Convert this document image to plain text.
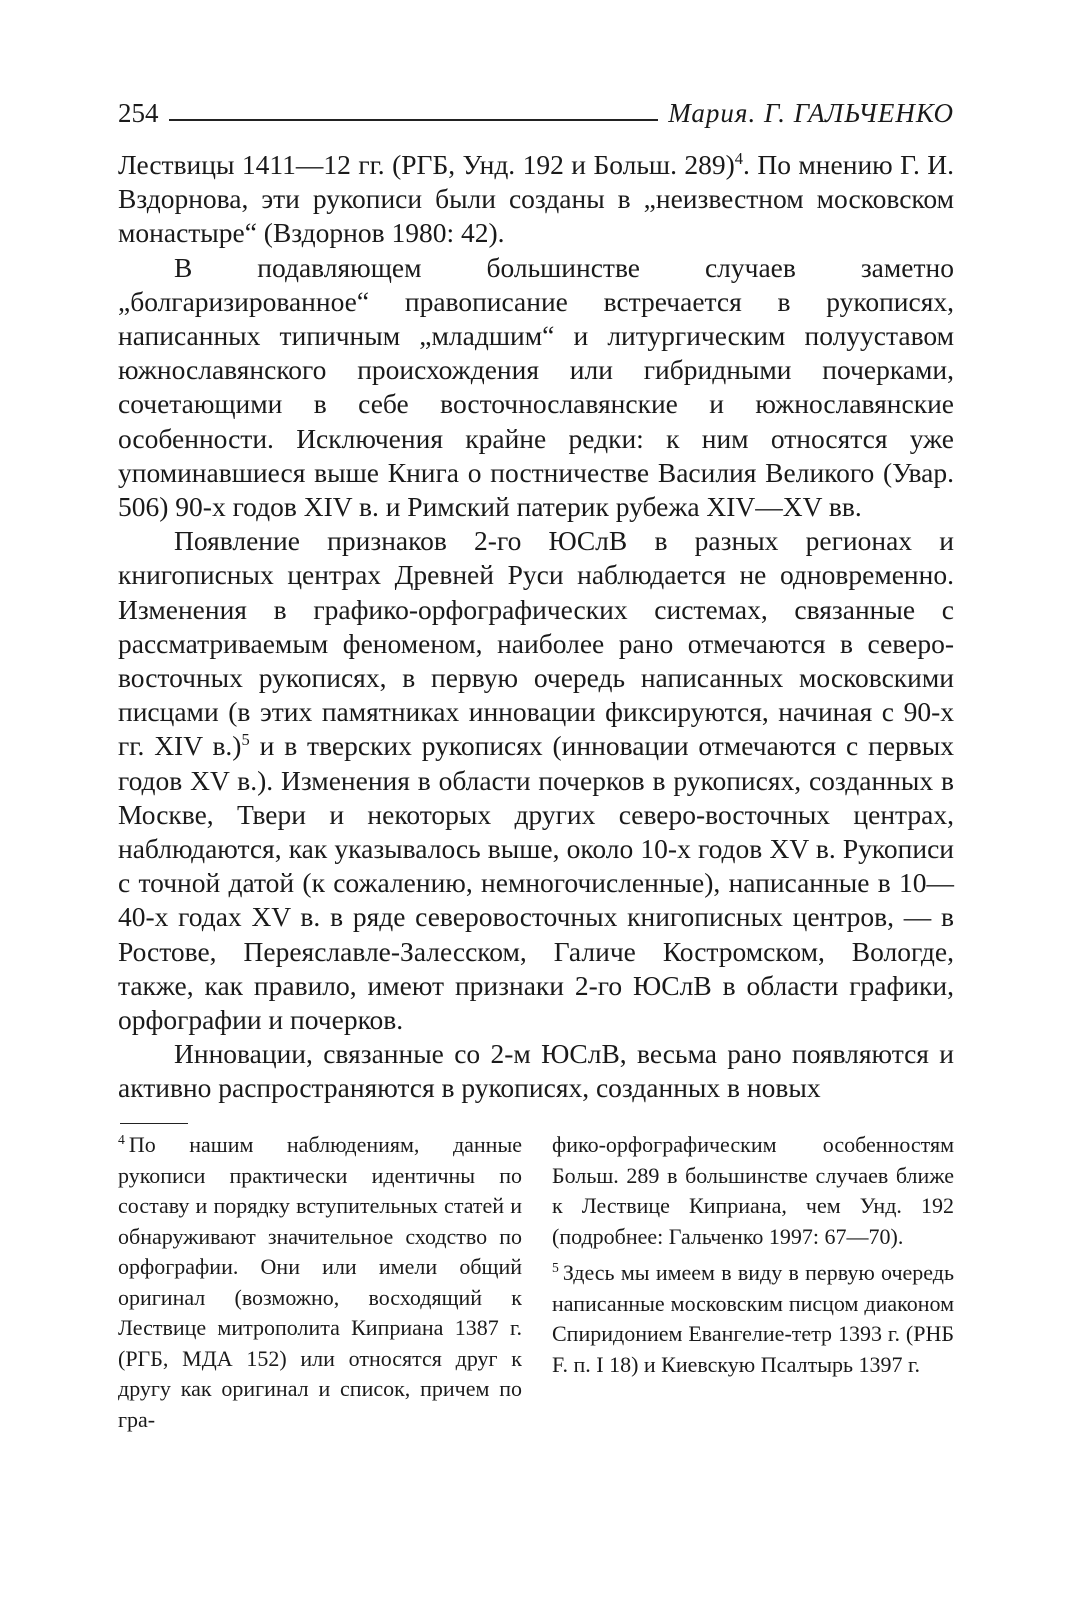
254	Мария. Г. ГАЛЬЧЕНКО

Лествицы 1411—12 гг. (РГБ, Унд. 192 и Больш. 289)$^4$. По мнению Г. И. Вздорнова, эти рукописи были созданы в „неизвестном московском монастыре“ (Вздорнов 1980: 42).

В подавляющем большинстве случаев заметно „болгаризированное“ правописание встречается в рукописях, написанных типичным „младшим“ и литургическим полууставом южнославянского происхождения или гибридными почерками, сочетающими в себе восточнославянские и южнославянские особенности. Исключения крайне редки: к ним относятся уже упоминавшиеся выше Книга о постничестве Василия Великого (Увар. 506) 90-х годов XIV в. и Римский патерик рубежа XIV—XV вв.

Появление признаков 2-го ЮСлВ в разных регионах и книгописных центрах Древней Руси наблюдается не одновременно. Изменения в графико-орфографических системах, связанные с рассматриваемым феноменом, наиболее рано отмечаются в северо-восточных рукописях, в первую очередь написанных московскими писцами (в этих памятниках инновации фиксируются, начиная с 90-х гг. XIV в.)$^5$ и в тверских рукописях (инновации отмечаются с первых годов XV в.). Изменения в области почерков в рукописях, созданных в Москве, Твери и некоторых других северо-восточных центрах, наблюдаются, как указывалось выше, около 10-х годов XV в. Рукописи с точной датой (к сожалению, немногочисленные), написанные в 10—40-х годах XV в. в ряде северовосточных книгописных центров, — в Ростове, Переяславле-Залесском, Галиче Костромском, Вологде, также, как правило, имеют признаки 2-го ЮСлВ в области графики, орфографии и почерков.

Инновации, связанные со 2-м ЮСлВ, весьма рано появляются и активно распространяются в рукописях, созданных в новых

$^4$ По нашим наблюдениям, данные рукописи практически идентичны по составу и порядку вступительных статей и обнаруживают значительное сходство по орфографии. Они или имели общий оригинал (возможно, восходящий к Лествице митрополита Киприана 1387 г. (РГБ, МДА 152) или относятся друг к другу как оригинал и список, причем по гра-

фико-орфографическим особенностям Больш. 289 в большинстве случаев ближе к Лествице Киприана, чем Унд. 192 (подробнее: Гальченко 1997: 67—70).

$^5$ Здесь мы имеем в виду в первую очередь написанные московским писцом диаконом Спиридонием Евангелие-тетр 1393 г. (РНБ F. п. I 18) и Киевскую Псалтырь 1397 г.
